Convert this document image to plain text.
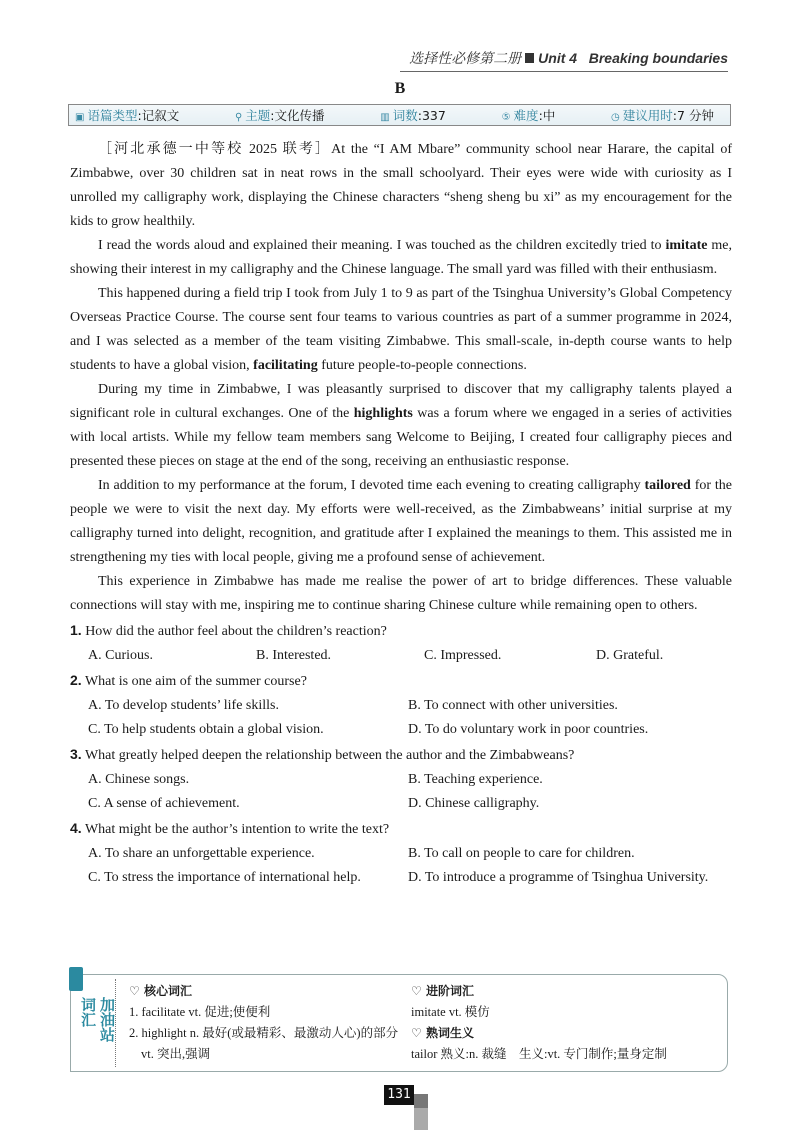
选择性必修第二册 Unit 4 Breaking boundaries
B
▣ 语篇类型:记叙文	⚲ 主题:文化传播	▥ 词数:337	⑤ 难度:中	◷ 建议用时:7 分钟

［河北承德一中等校 2025 联考］At the “I AM Mbare” community school near Harare, the capital of Zimbabwe, over 30 children sat in neat rows in the small schoolyard. Their eyes were wide with curiosity as I unrolled my calligraphy work, displaying the Chinese characters “sheng sheng bu xi” as my encouragement for the kids to grow healthily.

I read the words aloud and explained their meaning. I was touched as the children excitedly tried to imitate me, showing their interest in my calligraphy and the Chinese language. The small yard was filled with their enthusiasm.

This happened during a field trip I took from July 1 to 9 as part of the Tsinghua University’s Global Competency Overseas Practice Course. The course sent four teams to various countries as part of a summer programme in 2024, and I was selected as a member of the team visiting Zimbabwe. This small-scale, in-depth course wants to help students to have a global vision, facilitating future people-to-people connections.

During my time in Zimbabwe, I was pleasantly surprised to discover that my calligraphy talents played a significant role in cultural exchanges. One of the highlights was a forum where we engaged in a series of activities with local artists. While my fellow team members sang Welcome to Beijing, I created four calligraphy pieces and presented these pieces on stage at the end of the song, receiving an enthusiastic response.

In addition to my performance at the forum, I devoted time each evening to creating calligraphy tailored for the people we were to visit the next day. My efforts were well-received, as the Zimbabweans’ initial surprise at my calligraphy turned into delight, recognition, and gratitude after I explained the meanings to them. This assisted me in strengthening my ties with local people, giving me a profound sense of achievement.

This experience in Zimbabwe has made me realise the power of art to bridge differences. These valuable connections will stay with me, inspiring me to continue sharing Chinese culture while remaining open to others.

1. How did the author feel about the children’s reaction?
A. Curious.	B. Interested.	C. Impressed.	D. Grateful.
2. What is one aim of the summer course?
A. To develop students’ life skills.	B. To connect with other universities.
C. To help students obtain a global vision.	D. To do voluntary work in poor countries.
3. What greatly helped deepen the relationship between the author and the Zimbabweans?
A. Chinese songs.	B. Teaching experience.
C. A sense of achievement.	D. Chinese calligraphy.
4. What might be the author’s intention to write the text?
A. To share an unforgettable experience.	B. To call on people to care for children.
C. To stress the importance of international help.	D. To introduce a programme of Tsinghua University.
词汇 加油站
♡ 核心词汇
1. facilitate vt. 促进;使便利
2. highlight n. 最好(或最精彩、最激动人心)的部分
vt. 突出,强调
♡ 进阶词汇
imitate vt. 模仿
♡ 熟词生义
tailor 熟义:n. 裁缝　生义:vt. 专门制作;量身定制
131
